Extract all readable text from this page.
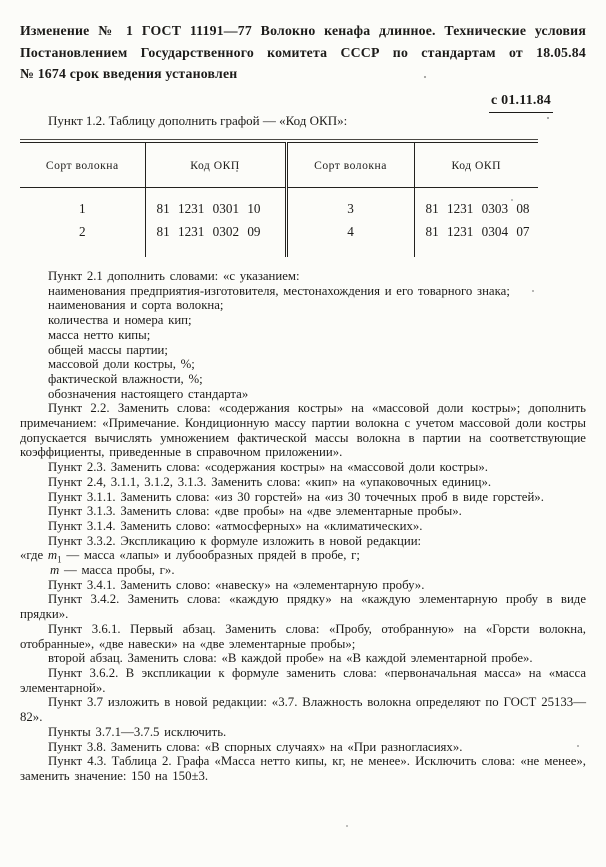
Изменение № 1 ГОСТ 11191—77 Волокно кенафа длинное. Технические условия
Постановлением Государственного комитета СССР по стандартам от 18.05.84
№ 1674 срок введения установлен
с 01.11.84

Пункт 1.2. Таблицу дополнить графой — «Код ОКП»:

Сорт волокна	Код ОКП	Сорт волокна	Код ОКП
1	81 1231 0301 10	3	81 1231 0303 08
2	81 1231 0302 09	4	81 1231 0304 07

Пункт 2.1 дополнить словами: «с указанием:

наименования предприятия-изготовителя, местонахождения и его товарного знака;

наименования и сорта волокна;

количества и номера кип;

масса нетто кипы;

общей массы партии;

массовой доли костры, %;

фактической влажности, %;

обозначения настоящего стандарта»

Пункт 2.2. Заменить слова: «содержания костры» на «массовой доли костры»; дополнить примечанием: «Примечание. Кондиционную массу партии волокна с учетом массовой доли костры допускается вычислять умножением фактической массы волокна в партии на соответствующие коэффициенты, приведенные в справочном приложении».

Пункт 2.3. Заменить слова: «содержания костры» на «массовой доли костры».

Пункт 2.4, 3.1.1, 3.1.2, 3.1.3. Заменить слова: «кип» на «упаковочных единиц».

Пункт 3.1.1. Заменить слова: «из 30 горстей» на «из 30 точечных проб в виде горстей».

Пункт 3.1.3. Заменить слова: «две пробы» на «две элементарные пробы».

Пункт 3.1.4. Заменить слово: «атмосферных» на «климатических».

Пункт 3.3.2. Экспликацию к формуле изложить в новой редакции:

«где $m_1$ — масса «лапы» и лубообразных прядей в пробе, г;

m — масса пробы, г».

Пункт 3.4.1. Заменить слово: «навеску» на «элементарную пробу».

Пункт 3.4.2. Заменить слова: «каждую прядку» на «каждую элементарную пробу в виде прядки».

Пункт 3.6.1. Первый абзац. Заменить слова: «Пробу, отобранную» на «Горсти волокна, отобранные», «две навески» на «две элементарные пробы»;

второй абзац. Заменить слова: «В каждой пробе» на «В каждой элементарной пробе».

Пункт 3.6.2. В экспликации к формуле заменить слова: «первоначальная масса» на «масса элементарной».

Пункт 3.7 изложить в новой редакции: «3.7. Влажность волокна определяют по ГОСТ 25133—82».

Пункты 3.7.1—3.7.5 исключить.

Пункт 3.8. Заменить слова: «В спорных случаях» на «При разногласиях».

Пункт 4.3. Таблица 2. Графа «Масса нетто кипы, кг, не менее». Исключить слова: «не менее», заменить значение: 150 на 150±3.
